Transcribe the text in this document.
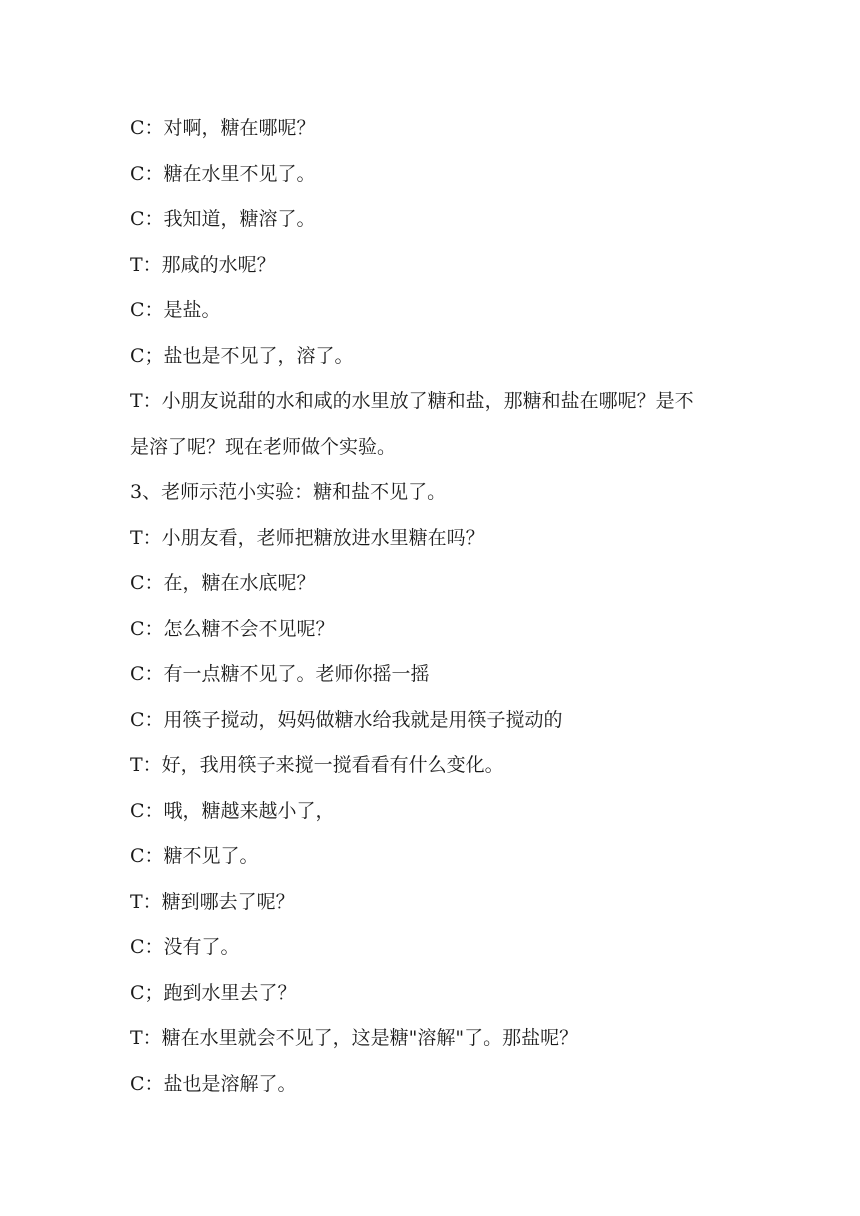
C：对啊，糖在哪呢？
C：糖在水里不见了。
C：我知道，糖溶了。
T：那咸的水呢？
C：是盐。
C；盐也是不见了，溶了。
T：小朋友说甜的水和咸的水里放了糖和盐，那糖和盐在哪呢？是不
是溶了呢？现在老师做个实验。
3、老师示范小实验：糖和盐不见了。
T：小朋友看，老师把糖放进水里糖在吗？
C：在，糖在水底呢？
C：怎么糖不会不见呢？
C：有一点糖不见了。老师你摇一摇
C：用筷子搅动，妈妈做糖水给我就是用筷子搅动的
T：好，我用筷子来搅一搅看看有什么变化。
C：哦，糖越来越小了，
C：糖不见了。
T：糖到哪去了呢？
C：没有了。
C；跑到水里去了？
T：糖在水里就会不见了，这是糖"溶解"了。那盐呢？
C：盐也是溶解了。
